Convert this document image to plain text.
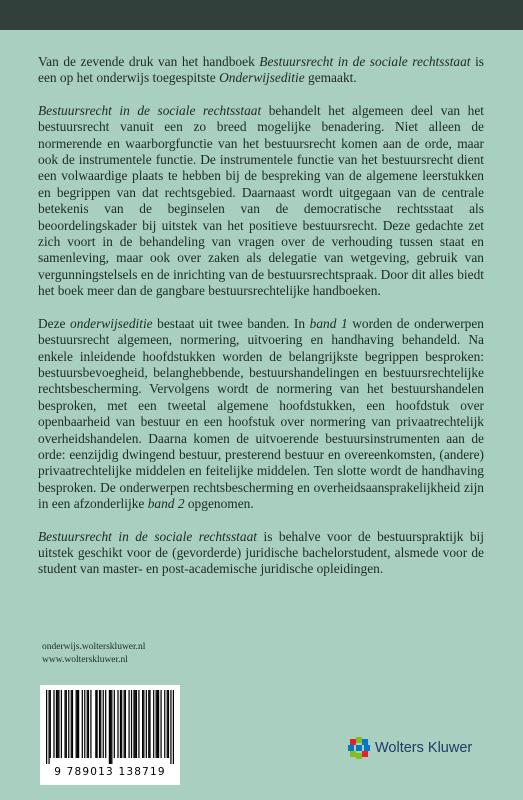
Van de zevende druk van het handboek Bestuursrecht in de sociale rechtsstaat is een op het onderwijs toegespitste Onderwijseditie gemaakt.

Bestuursrecht in de sociale rechtsstaat behandelt het algemeen deel van het bestuursrecht vanuit een zo breed mogelijke benadering. Niet alleen de normerende en waarborgfunctie van het bestuursrecht komen aan de orde, maar ook de instrumentele functie. De instrumentele functie van het bestuursrecht dient een volwaardige plaats te hebben bij de bespreking van de algemene leerstukken en begrippen van dat rechtsgebied. Daarnaast wordt uitgegaan van de centrale betekenis van de beginselen van de democratische rechtsstaat als beoordelingskader bij uitstek van het positieve bestuursrecht. Deze gedachte zet zich voort in de behandeling van vragen over de verhouding tussen staat en samenleving, maar ook over zaken als delegatie van wetgeving, gebruik van vergunningstelsels en de inrichting van de bestuursrechtspraak. Door dit alles biedt het boek meer dan de gangbare bestuursrechtelijke handboeken.

Deze onderwijseditie bestaat uit twee banden. In band 1 worden de onderwerpen bestuursrecht algemeen, normering, uitvoering en handhaving behandeld. Na enkele inleidende hoofdstukken worden de belangrijkste begrippen besproken: bestuursbevoegheid, belanghebbende, bestuurshandelingen en bestuursrechtelijke rechtsbescherming. Vervolgens wordt de normering van het bestuurshandelen besproken, met een tweetal algemene hoofdstukken, een hoofdstuk over openbaarheid van bestuur en een hoofstuk over normering van privaatrechtelijk overheidshandelen. Daarna komen de uitvoerende bestuursinstrumenten aan de orde: eenzijdig dwingend bestuur, presterend bestuur en overeenkomsten, (andere) privaatrechtelijke middelen en feitelijke middelen. Ten slotte wordt de handhaving besproken. De onderwerpen rechtsbescherming en overheidsaansprakelijkheid zijn in een afzonderlijke band 2 opgenomen.

Bestuursrecht in de sociale rechtsstaat is behalve voor de bestuurspraktijk bij uitstek geschikt voor de (gevorderde) juridische bachelorstudent, alsmede voor de student van master- en post-academische juridische opleidingen.

onderwijs.wolterskluwer.nl
www.wolterskluwer.nl
9 789013 138719
Wolters Kluwer
